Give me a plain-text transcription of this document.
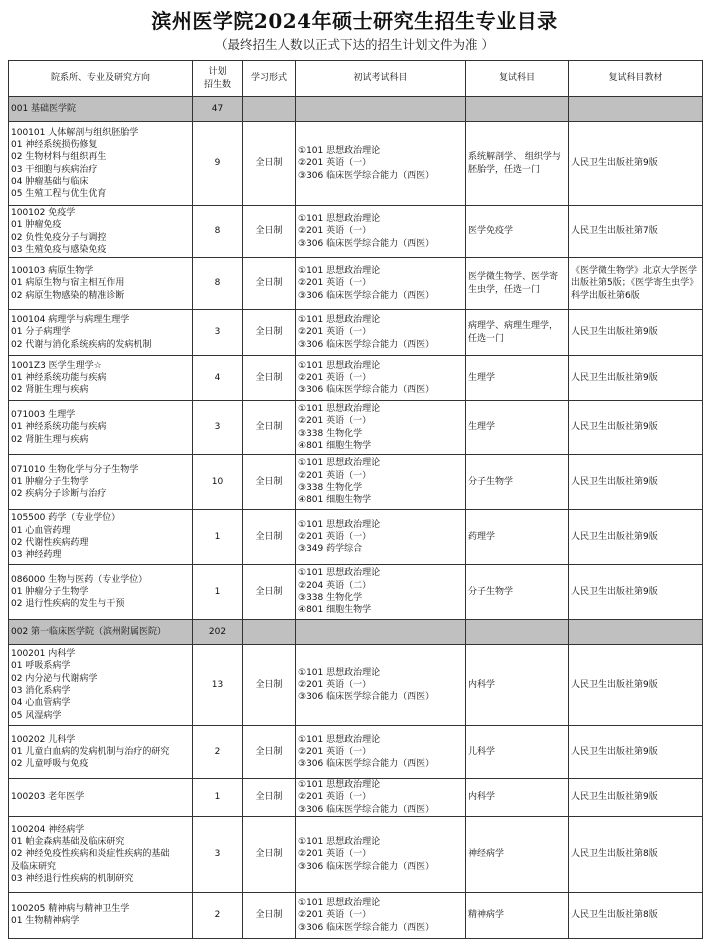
滨州医学院2024年硕士研究生招生专业目录
（最终招生人数以正式下达的招生计划文件为准 ）
院系所、专业及研究方向	计划
招生数	学习形式	初试考试科目	复试科目	复试科目教材
001 基础医学院	47				

100101 人体解剖与组织胚胎学
01 神经系统损伤修复
02 生物材料与组织再生
03 干细胞与疾病治疗
04 肿瘤基础与临床
05 生殖工程与优生优育
	9	全日制	
①101 思想政治理论
②201 英语（一）
③306 临床医学综合能力（西医）
	系统解剖学、 组织学与胚胎学，任选一门	人民卫生出版社第9版

100102 免疫学
01 肿瘤免疫
02 负性免疫分子与调控
03 生殖免疫与感染免疫	8	全日制	①101 思想政治理论
②201 英语（一）
③306 临床医学综合能力（西医）	医学免疫学	人民卫生出版社第7版

100103 病原生物学
01 病原生物与宿主相互作用
02 病原生物感染的精准诊断	8	全日制	①101 思想政治理论
②201 英语（一）
③306 临床医学综合能力（西医）	医学微生物学、医学寄生虫学，任选一门	《医学微生物学》北京大学医学出版社第5版；《医学寄生虫学》科学出版社第6版

100104 病理学与病理生理学
01 分子病理学
02 代谢与消化系统疾病的发病机制	3	全日制	①101 思想政治理论
②201 英语（一）
③306 临床医学综合能力（西医）	病理学、病理生理学，任选一门	人民卫生出版社第9版

1001Z3 医学生理学☆
01 神经系统功能与疾病
02 肾脏生理与疾病	4	全日制	①101 思想政治理论
②201 英语（一）
③306 临床医学综合能力（西医）	生理学	人民卫生出版社第9版

071003 生理学
01 神经系统功能与疾病
02 肾脏生理与疾病	3	全日制	①101 思想政治理论
②201 英语（一）
③338 生物化学
④801 细胞生物学	生理学	人民卫生出版社第9版

071010 生物化学与分子生物学
01 肿瘤分子生物学
02 疾病分子诊断与治疗	10	全日制	①101 思想政治理论
②201 英语（一）
③338 生物化学
④801 细胞生物学	分子生物学	人民卫生出版社第9版

105500 药学（专业学位）
01 心血管药理
02 代谢性疾病药理
03 神经药理	1	全日制	①101 思想政治理论
②201 英语（一）
③349 药学综合	药理学	人民卫生出版社第9版

086000 生物与医药（专业学位）
01 肿瘤分子生物学
02 退行性疾病的发生与干预	1	全日制	①101 思想政治理论
②204 英语（二）
③338 生物化学
④801 细胞生物学	分子生物学	人民卫生出版社第9版
002 第一临床医学院（滨州附属医院）	202				

100201 内科学
01 呼吸系病学
02 内分泌与代谢病学
03 消化系病学
04 心血管病学
05 风湿病学
	13	全日制	
①101 思想政治理论
②201 英语（一）
③306 临床医学综合能力（西医）
	内科学	人民卫生出版社第9版

100202 儿科学
01 儿童白血病的发病机制与治疗的研究
02 儿童呼吸与免疫	2	全日制	①101 思想政治理论
②201 英语（一）
③306 临床医学综合能力（西医）	儿科学	人民卫生出版社第9版

100203 老年医学	1	全日制	①101 思想政治理论
②201 英语（一）
③306 临床医学综合能力（西医）	内科学	人民卫生出版社第9版

100204 神经病学
01 帕金森病基础及临床研究
02 神经免疫性疾病和炎症性疾病的基础
及临床研究
03 神经退行性疾病的机制研究	3	全日制	①101 思想政治理论
②201 英语（一）
③306 临床医学综合能力（西医）	神经病学	人民卫生出版社第8版

100205 精神病与精神卫生学
01 生物精神病学	2	全日制	①101 思想政治理论
②201 英语（一）
③306 临床医学综合能力（西医）	精神病学	人民卫生出版社第8版
